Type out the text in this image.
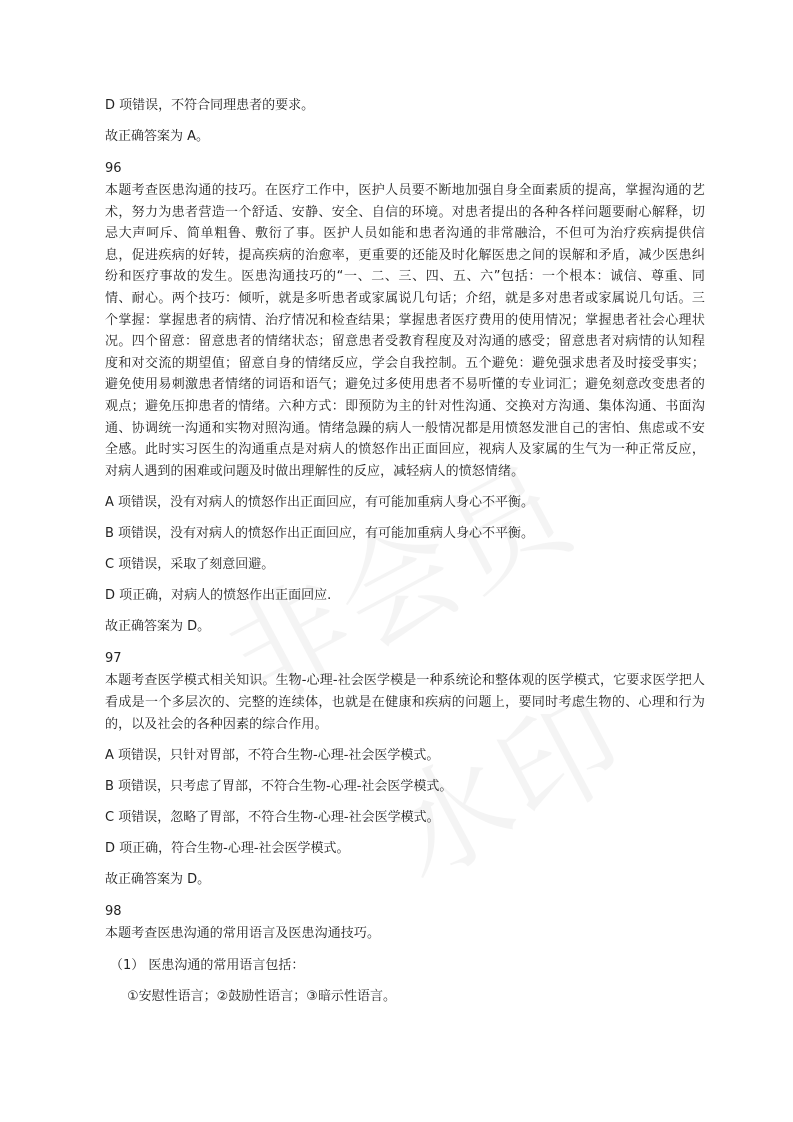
D 项错误，不符合同理患者的要求。

故正确答案为 A。

96

本题考查医患沟通的技巧。在医疗工作中，医护人员要不断地加强自身全面素质的提高，掌握沟通的艺术，努力为患者营造一个舒适、安静、安全、自信的环境。对患者提出的各种各样问题要耐心解释，切忌大声呵斥、简单粗鲁、敷衍了事。医护人员如能和患者沟通的非常融洽，不但可为治疗疾病提供信息，促进疾病的好转，提高疾病的治愈率，更重要的还能及时化解医患之间的误解和矛盾，减少医患纠纷和医疗事故的发生。医患沟通技巧的“一、二、三、四、五、六”包括：一个根本：诚信、尊重、同情、耐心。两个技巧：倾听，就是多听患者或家属说几句话；介绍，就是多对患者或家属说几句话。三个掌握：掌握患者的病情、治疗情况和检查结果；掌握患者医疗费用的使用情况；掌握患者社会心理状况。四个留意：留意患者的情绪状态；留意患者受教育程度及对沟通的感受；留意患者对病情的认知程度和对交流的期望值；留意自身的情绪反应，学会自我控制。五个避免：避免强求患者及时接受事实；避免使用易刺激患者情绪的词语和语气；避免过多使用患者不易听懂的专业词汇；避免刻意改变患者的观点；避免压抑患者的情绪。六种方式：即预防为主的针对性沟通、交换对方沟通、集体沟通、书面沟通、协调统一沟通和实物对照沟通。情绪急躁的病人一般情况都是用愤怒发泄自己的害怕、焦虑或不安全感。此时实习医生的沟通重点是对病人的愤怒作出正面回应，视病人及家属的生气为一种正常反应，对病人遇到的困难或问题及时做出理解性的反应，减轻病人的愤怒情绪。

A 项错误，没有对病人的愤怒作出正面回应，有可能加重病人身心不平衡。

B 项错误，没有对病人的愤怒作出正面回应，有可能加重病人身心不平衡。

C 项错误，采取了刻意回避。

D 项正确，对病人的愤怒作出正面回应.

故正确答案为 D。

97

本题考查医学模式相关知识。生物-心理-社会医学模是一种系统论和整体观的医学模式，它要求医学把人看成是一个多层次的、完整的连续体，也就是在健康和疾病的问题上，要同时考虑生物的、心理和行为的，以及社会的各种因素的综合作用。

A 项错误，只针对胃部，不符合生物-心理-社会医学模式。

B 项错误，只考虑了胃部，不符合生物-心理-社会医学模式。

C 项错误，忽略了胃部，不符合生物-心理-社会医学模式。

D 项正确，符合生物-心理-社会医学模式。

故正确答案为 D。

98

本题考查医患沟通的常用语言及医患沟通技巧。

（1） 医患沟通的常用语言包括：

①安慰性语言；②鼓励性语言；③暗示性语言。
